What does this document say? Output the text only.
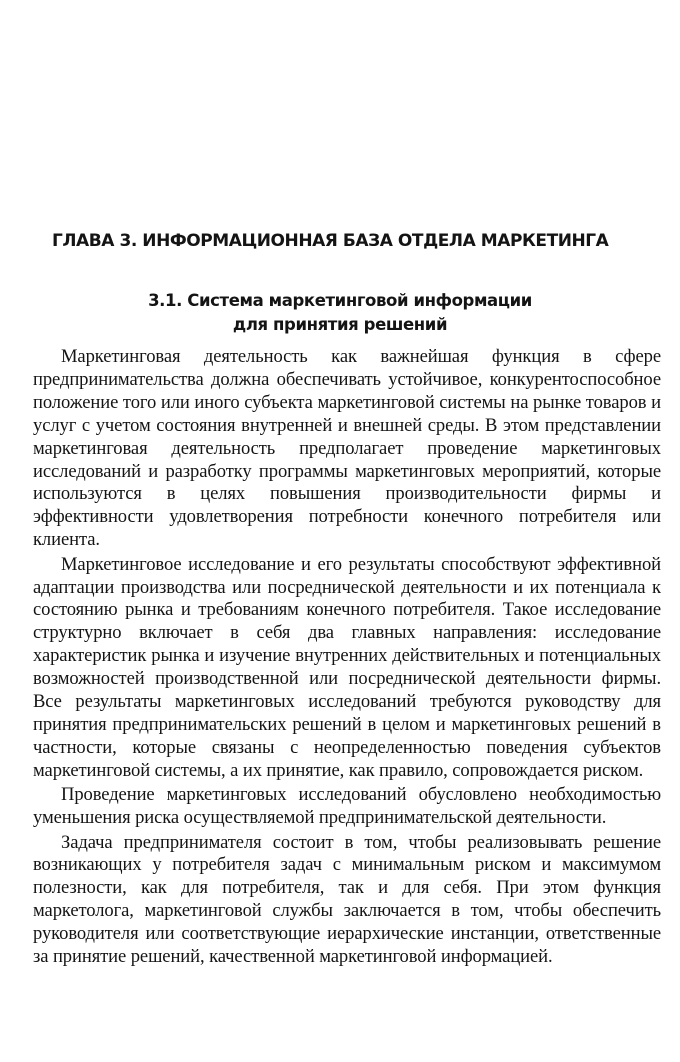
ГЛАВА 3. ИНФОРМАЦИОННАЯ БАЗА ОТДЕЛА МАРКЕТИНГА
3.1. Система маркетинговой информации
для принятия решений

Маркетинговая деятельность как важнейшая функция в сфере предпринимательства должна обеспечивать устойчивое, конкурентоспособное положение того или иного субъекта маркетинговой системы на рынке товаров и услуг с учетом состояния внутренней и внешней среды. В этом представлении маркетинговая деятельность предполагает проведение маркетинговых исследований и разработку программы маркетинговых мероприятий, которые используются в целях повышения производительности фирмы и эффективности удовлетворения потребности конечного потребителя или клиента.

Маркетинговое исследование и его результаты способствуют эффективной адаптации производства или посреднической деятельности и их потенциала к состоянию рынка и требованиям конечного потребителя. Такое исследование структурно включает в себя два главных направления: исследование характеристик рынка и изучение внутренних действительных и потенциальных возможностей производственной или посреднической деятельности фирмы. Все результаты маркетинговых исследований требуются руководству для принятия предпринимательских решений в целом и маркетинговых решений в частности, которые связаны с неопределенностью поведения субъектов маркетинговой системы, а их принятие, как правило, сопровождается риском.

Проведение маркетинговых исследований обусловлено необходимостью уменьшения риска осуществляемой предпринимательской деятельности.

Задача предпринимателя состоит в том, чтобы реализовывать решение возникающих у потребителя задач с минимальным риском и максимумом полезности, как для потребителя, так и для себя. При этом функция маркетолога, маркетинговой службы заключается в том, чтобы обеспечить руководителя или соответствующие иерархические инстанции, ответственные за принятие решений, качественной маркетинговой информацией.
